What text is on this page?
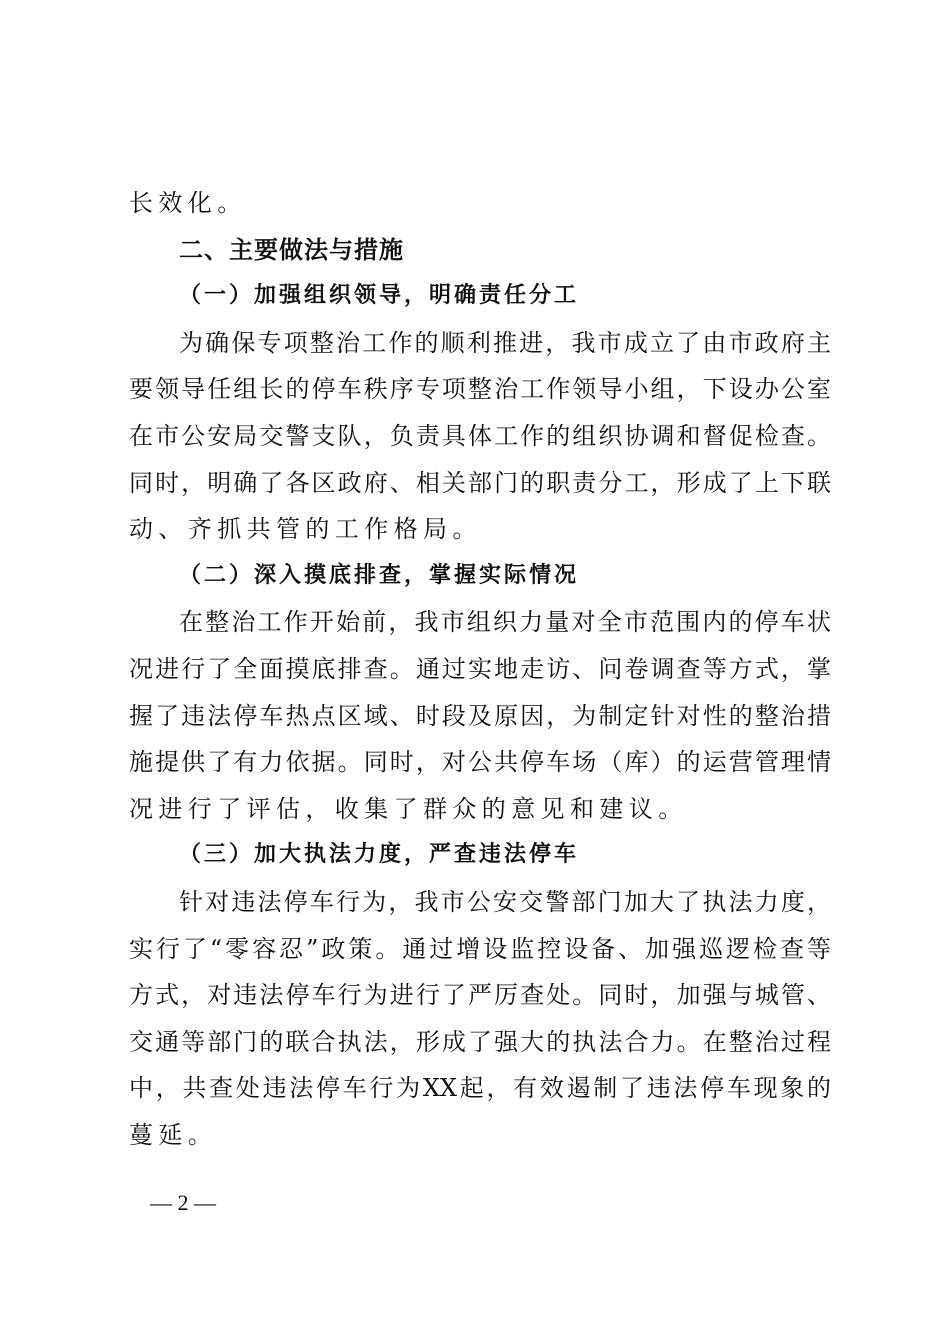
长效化。
二、主要做法与措施
（一）加强组织领导，明确责任分工
为确保专项整治工作的顺利推进，我市成立了由市政府主
要领导任组长的停车秩序专项整治工作领导小组，下设办公室
在市公安局交警支队，负责具体工作的组织协调和督促检查。
同时，明确了各区政府、相关部门的职责分工，形成了上下联
动、齐抓共管的工作格局。
（二）深入摸底排查，掌握实际情况
在整治工作开始前，我市组织力量对全市范围内的停车状
况进行了全面摸底排查。通过实地走访、问卷调查等方式，掌
握了违法停车热点区域、时段及原因，为制定针对性的整治措
施提供了有力依据。同时，对公共停车场（库）的运营管理情
况进行了评估，收集了群众的意见和建议。
（三）加大执法力度，严查违法停车
针对违法停车行为，我市公安交警部门加大了执法力度，
实行了“零容忍”政策。通过增设监控设备、加强巡逻检查等
方式，对违法停车行为进行了严厉查处。同时，加强与城管、
交通等部门的联合执法，形成了强大的执法合力。在整治过程
中，共查处违法停车行为XX起，有效遏制了违法停车现象的
蔓延。
— 2 —
